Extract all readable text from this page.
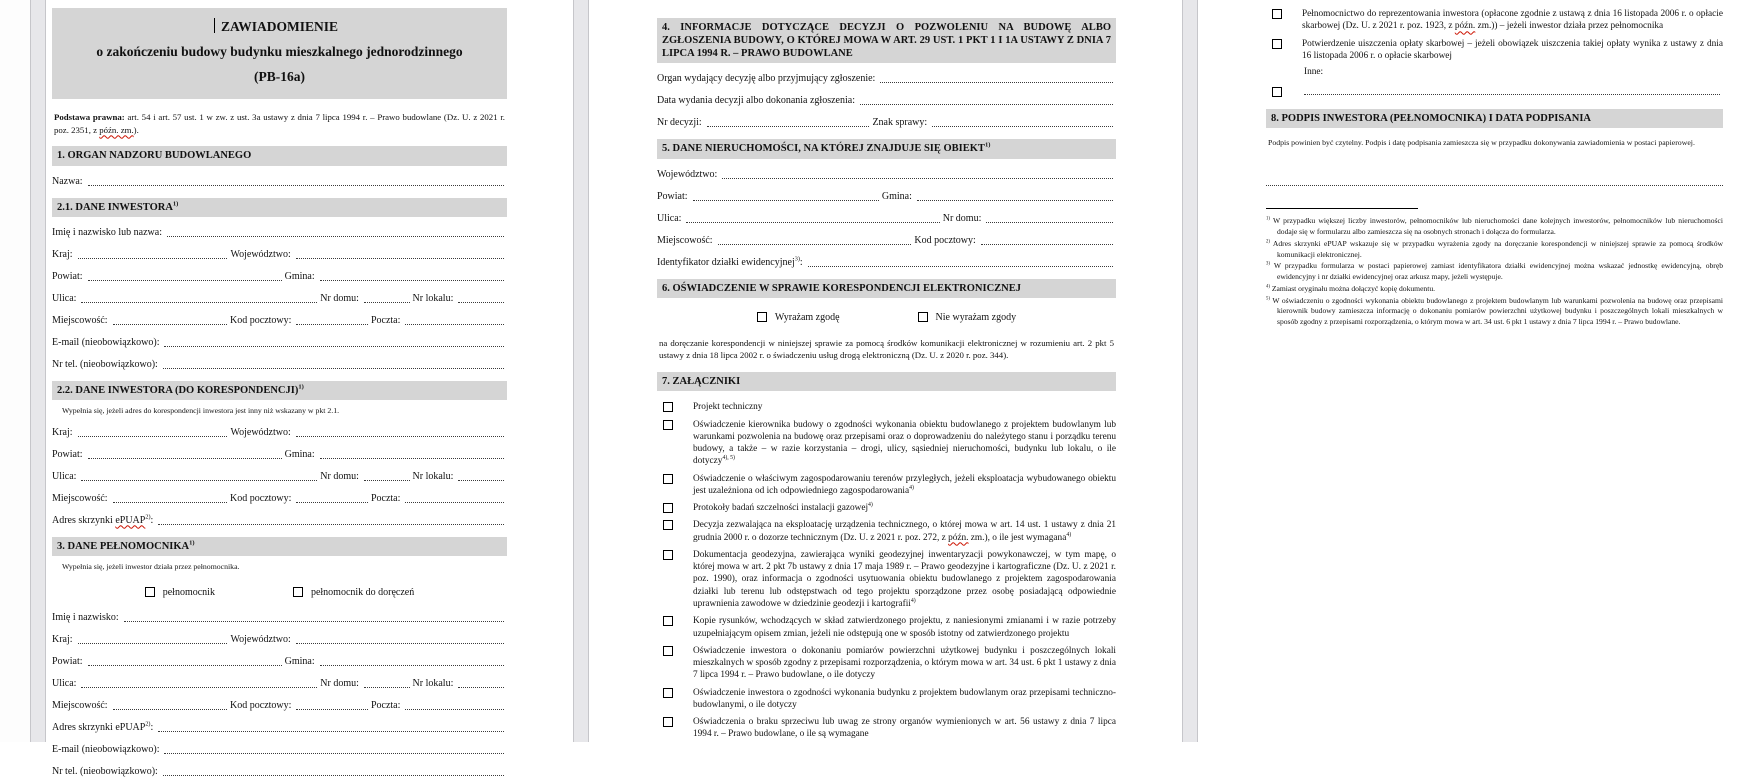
ZAWIADOMIENIE
o zakończeniu budowy budynku mieszkalnego jednorodzinnego
(PB-16a)
Podstawa prawna: art. 54 i art. 57 ust. 1 w zw. z ust. 3a ustawy z dnia 7 lipca 1994 r. – Prawo budowlane (Dz. U. z 2021 r. poz. 2351, z późn. zm.).
1. ORGAN NADZORU BUDOWLANEGO
Nazwa:
2.1. DANE INWESTORA$^{1)}$
Imię i nazwisko lub nazwa:
Kraj:	Województwo:
Powiat:	Gmina:
Ulica:	Nr domu:	Nr lokalu:
Miejscowość:	Kod pocztowy:	Poczta:
E-mail (nieobowiązkowo):
Nr tel. (nieobowiązkowo):
2.2. DANE INWESTORA (DO KORESPONDENCJI)$^{1)}$
Wypełnia się, jeżeli adres do korespondencji inwestora jest inny niż wskazany w pkt 2.1.
Kraj:	Województwo:
Powiat:	Gmina:
Ulica:	Nr domu:	Nr lokalu:
Miejscowość:	Kod pocztowy:	Poczta:
Adres skrzynki ePUAP$^{2)}$:
3. DANE PEŁNOMOCNIKA$^{1)}$
Wypełnia się, jeżeli inwestor działa przez pełnomocnika.
pełnomocnik	pełnomocnik do doręczeń
Imię i nazwisko:
Kraj:	Województwo:
Powiat:	Gmina:
Ulica:	Nr domu:	Nr lokalu:
Miejscowość:	Kod pocztowy:	Poczta:
Adres skrzynki ePUAP$^{2)}$:
E-mail (nieobowiązkowo):
Nr tel. (nieobowiązkowo):
4. INFORMACJE DOTYCZĄCE DECYZJI O POZWOLENIU NA BUDOWĘ ALBO ZGŁOSZENIA BUDOWY, O KTÓREJ MOWA W ART. 29 UST. 1 PKT 1 I 1A USTAWY Z DNIA 7 LIPCA 1994 R. – PRAWO BUDOWLANE
Organ wydający decyzję albo przyjmujący zgłoszenie:
Data wydania decyzji albo dokonania zgłoszenia:
Nr decyzji:	Znak sprawy:
5. DANE NIERUCHOMOŚCI, NA KTÓREJ ZNAJDUJE SIĘ OBIEKT$^{1)}$
Województwo:
Powiat:	Gmina:
Ulica:	Nr domu:
Miejscowość:	Kod pocztowy:
Identyfikator działki ewidencyjnej$^{3)}$:
6. OŚWIADCZENIE W SPRAWIE KORESPONDENCJI ELEKTRONICZNEJ
Wyrażam zgodę	Nie wyrażam zgody
na doręczanie korespondencji w niniejszej sprawie za pomocą środków komunikacji elektronicznej w rozumieniu art. 2 pkt 5 ustawy z dnia 18 lipca 2002 r. o świadczeniu usług drogą elektroniczną (Dz. U. z 2020 r. poz. 344).
7. ZAŁĄCZNIKI
Projekt techniczny
Oświadczenie kierownika budowy o zgodności wykonania obiektu budowlanego z projektem budowlanym lub warunkami pozwolenia na budowę oraz przepisami oraz o doprowadzeniu do należytego stanu i porządku terenu budowy, a także – w razie korzystania – drogi, ulicy, sąsiedniej nieruchomości, budynku lub lokalu, o ile dotyczy$^{4), 5)}$
Oświadczenie o właściwym zagospodarowaniu terenów przyległych, jeżeli eksploatacja wybudowanego obiektu jest uzależniona od ich odpowiedniego zagospodarowania$^{4)}$
Protokoły badań szczelności instalacji gazowej$^{4)}$
Decyzja zezwalająca na eksploatację urządzenia technicznego, o której mowa w art. 14 ust. 1 ustawy z dnia 21 grudnia 2000 r. o dozorze technicznym (Dz. U. z 2021 r. poz. 272, z późn. zm.), o ile jest wymagana$^{4)}$
Dokumentacja geodezyjna, zawierająca wyniki geodezyjnej inwentaryzacji powykonawczej, w tym mapę, o której mowa w art. 2 pkt 7b ustawy z dnia 17 maja 1989 r. – Prawo geodezyjne i kartograficzne (Dz. U. z 2021 r. poz. 1990), oraz informacja o zgodności usytuowania obiektu budowlanego z projektem zagospodarowania działki lub terenu lub odstępstwach od tego projektu sporządzone przez osobę posiadającą odpowiednie uprawnienia zawodowe w dziedzinie geodezji i kartografii$^{4)}$
Kopie rysunków, wchodzących w skład zatwierdzonego projektu, z naniesionymi zmianami i w razie potrzeby uzupełniającym opisem zmian, jeżeli nie odstępują one w sposób istotny od zatwierdzonego projektu
Oświadczenie inwestora o dokonaniu pomiarów powierzchni użytkowej budynku i poszczególnych lokali mieszkalnych w sposób zgodny z przepisami rozporządzenia, o którym mowa w art. 34 ust. 6 pkt 1 ustawy z dnia 7 lipca 1994 r. – Prawo budowlane, o ile dotyczy
Oświadczenie inwestora o zgodności wykonania budynku z projektem budowlanym oraz przepisami techniczno-budowlanymi, o ile dotyczy
Oświadczenia o braku sprzeciwu lub uwag ze strony organów wymienionych w art. 56 ustawy z dnia 7 lipca 1994 r. – Prawo budowlane, o ile są wymagane
Pełnomocnictwo do reprezentowania inwestora (opłacone zgodnie z ustawą z dnia 16 listopada 2006 r. o opłacie skarbowej (Dz. U. z 2021 r. poz. 1923, z późn. zm.)) – jeżeli inwestor działa przez pełnomocnika
Potwierdzenie uiszczenia opłaty skarbowej – jeżeli obowiązek uiszczenia takiej opłaty wynika z ustawy z dnia 16 listopada 2006 r. o opłacie skarbowej
Inne:
8. PODPIS INWESTORA (PEŁNOMOCNIKA) I DATA PODPISANIA
Podpis powinien być czytelny. Podpis i datę podpisania zamieszcza się w przypadku dokonywania zawiadomienia w postaci papierowej.
$^{1)}$ W przypadku większej liczby inwestorów, pełnomocników lub nieruchomości dane kolejnych inwestorów, pełnomocników lub nieruchomości dodaje się w formularzu albo zamieszcza się na osobnych stronach i dołącza do formularza.
$^{2)}$ Adres skrzynki ePUAP wskazuje się w przypadku wyrażenia zgody na doręczanie korespondencji w niniejszej sprawie za pomocą środków komunikacji elektronicznej.
$^{3)}$ W przypadku formularza w postaci papierowej zamiast identyfikatora działki ewidencyjnej można wskazać jednostkę ewidencyjną, obręb ewidencyjny i nr działki ewidencyjnej oraz arkusz mapy, jeżeli występuje.
$^{4)}$ Zamiast oryginału można dołączyć kopię dokumentu.
$^{5)}$ W oświadczeniu o zgodności wykonania obiektu budowlanego z projektem budowlanym lub warunkami pozwolenia na budowę oraz przepisami kierownik budowy zamieszcza informację o dokonaniu pomiarów powierzchni użytkowej budynku i poszczególnych lokali mieszkalnych w sposób zgodny z przepisami rozporządzenia, o którym mowa w art. 34 ust. 6 pkt 1 ustawy z dnia 7 lipca 1994 r. – Prawo budowlane.
